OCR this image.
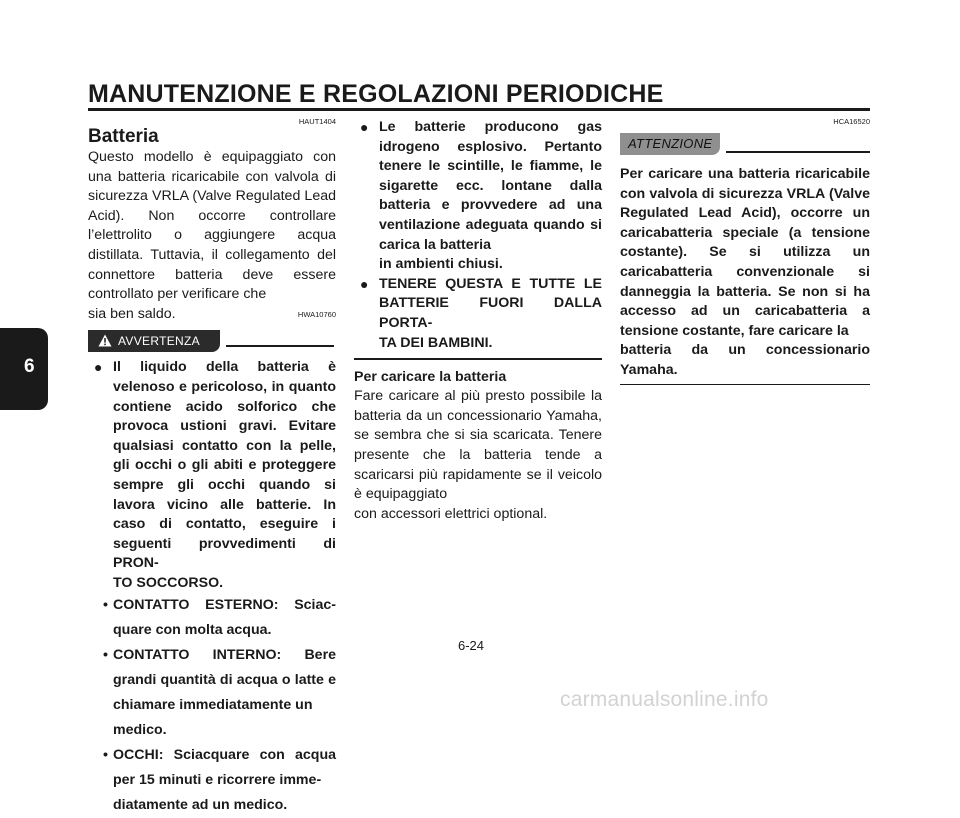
MANUTENZIONE E REGOLAZIONI PERIODICHE
6
HAUT1404
Batteria
Questo modello è equipaggiato con una batteria ricaricabile con valvola di sicurezza VRLA (Valve Regulated Lead Acid). Non occorre controllare l’elettrolito o aggiungere acqua distillata. Tuttavia, il collegamento del connettore batteria deve essere controllato per verificare che
sia ben saldo.	HWA10760
AVVERTENZA
● Il liquido della batteria è velenoso e pericoloso, in quanto contiene acido solforico che provoca ustioni gravi. Evitare qualsiasi contatto con la pelle, gli occhi o gli abiti e proteggere sempre gli occhi quando si lavora vicino alle batterie. In caso di contatto, eseguire i seguenti provvedimenti di PRON-
TO SOCCORSO.
• CONTATTO ESTERNO: Sciac-
quare con molta acqua.
• CONTATTO INTERNO: Bere grandi quantità di acqua o latte e chiamare immediatamente un
medico.
• OCCHI: Sciacquare con acqua per 15 minuti e ricorrere imme-
diatamente ad un medico.
● Le batterie producono gas idrogeno esplosivo. Pertanto tenere le scintille, le fiamme, le sigarette ecc. lontane dalla batteria e provvedere ad una ventilazione adeguata quando si carica la batteria
in ambienti chiusi.
● TENERE QUESTA E TUTTE LE BATTERIE FUORI DALLA PORTA-
TA DEI BAMBINI.
Per caricare la batteria
Fare caricare al più presto possibile la batteria da un concessionario Yamaha, se sembra che si sia scaricata. Tenere presente che la batteria tende a scaricarsi più rapidamente se il veicolo è equipaggiato
con accessori elettrici optional.
HCA16520
ATTENZIONE
Per caricare una batteria ricaricabile con valvola di sicurezza VRLA (Valve Regulated Lead Acid), occorre un caricabatteria speciale (a tensione costante). Se si utilizza un caricabatteria convenzionale si danneggia la batteria. Se non si ha accesso ad un caricabatteria a tensione costante, fare caricare la
batteria da un concessionario Yamaha.
6-24
carmanualsonline.info
